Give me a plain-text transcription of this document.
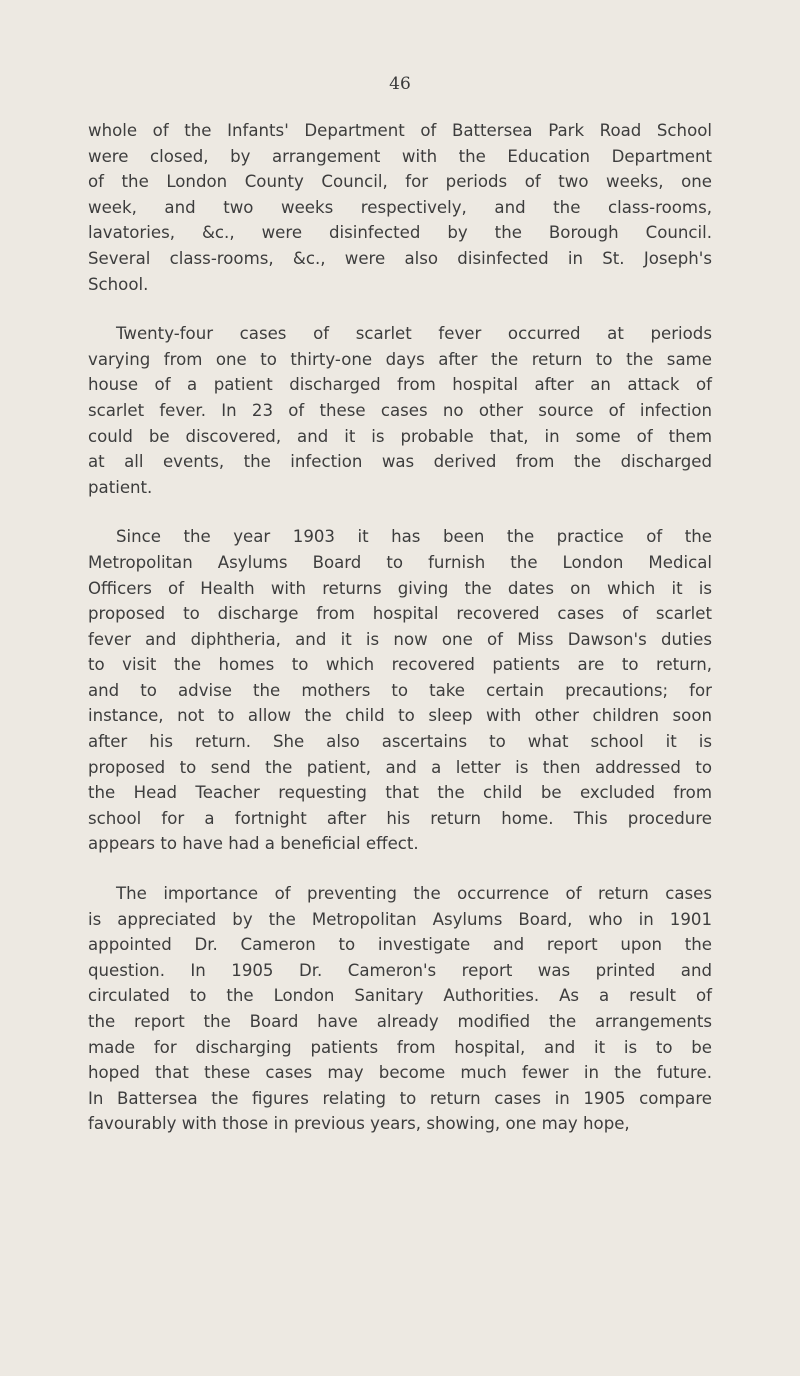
46
whole of the Infants' Department of Battersea Park Road School
were closed, by arrangement with the Education Department
of the London County Council, for periods of two weeks, one
week, and two weeks respectively, and the class-rooms,
lavatories, &c., were disinfected by the Borough Council.
Several class-rooms, &c., were also disinfected in St. Joseph's
School.
Twenty-four cases of scarlet fever occurred at periods
varying from one to thirty-one days after the return to the same
house of a patient discharged from hospital after an attack of
scarlet fever. In 23 of these cases no other source of infection
could be discovered, and it is probable that, in some of them
at all events, the infection was derived from the discharged
patient.
Since the year 1903 it has been the practice of the
Metropolitan Asylums Board to furnish the London Medical
Officers of Health with returns giving the dates on which it is
proposed to discharge from hospital recovered cases of scarlet
fever and diphtheria, and it is now one of Miss Dawson's duties
to visit the homes to which recovered patients are to return,
and to advise the mothers to take certain precautions; for
instance, not to allow the child to sleep with other children soon
after his return. She also ascertains to what school it is
proposed to send the patient, and a letter is then addressed to
the Head Teacher requesting that the child be excluded from
school for a fortnight after his return home. This procedure
appears to have had a beneficial effect.
The importance of preventing the occurrence of return cases
is appreciated by the Metropolitan Asylums Board, who in 1901
appointed Dr. Cameron to investigate and report upon the
question. In 1905 Dr. Cameron's report was printed and
circulated to the London Sanitary Authorities. As a result of
the report the Board have already modified the arrangements
made for discharging patients from hospital, and it is to be
hoped that these cases may become much fewer in the future.
In Battersea the figures relating to return cases in 1905 compare
favourably with those in previous years, showing, one may hope,
